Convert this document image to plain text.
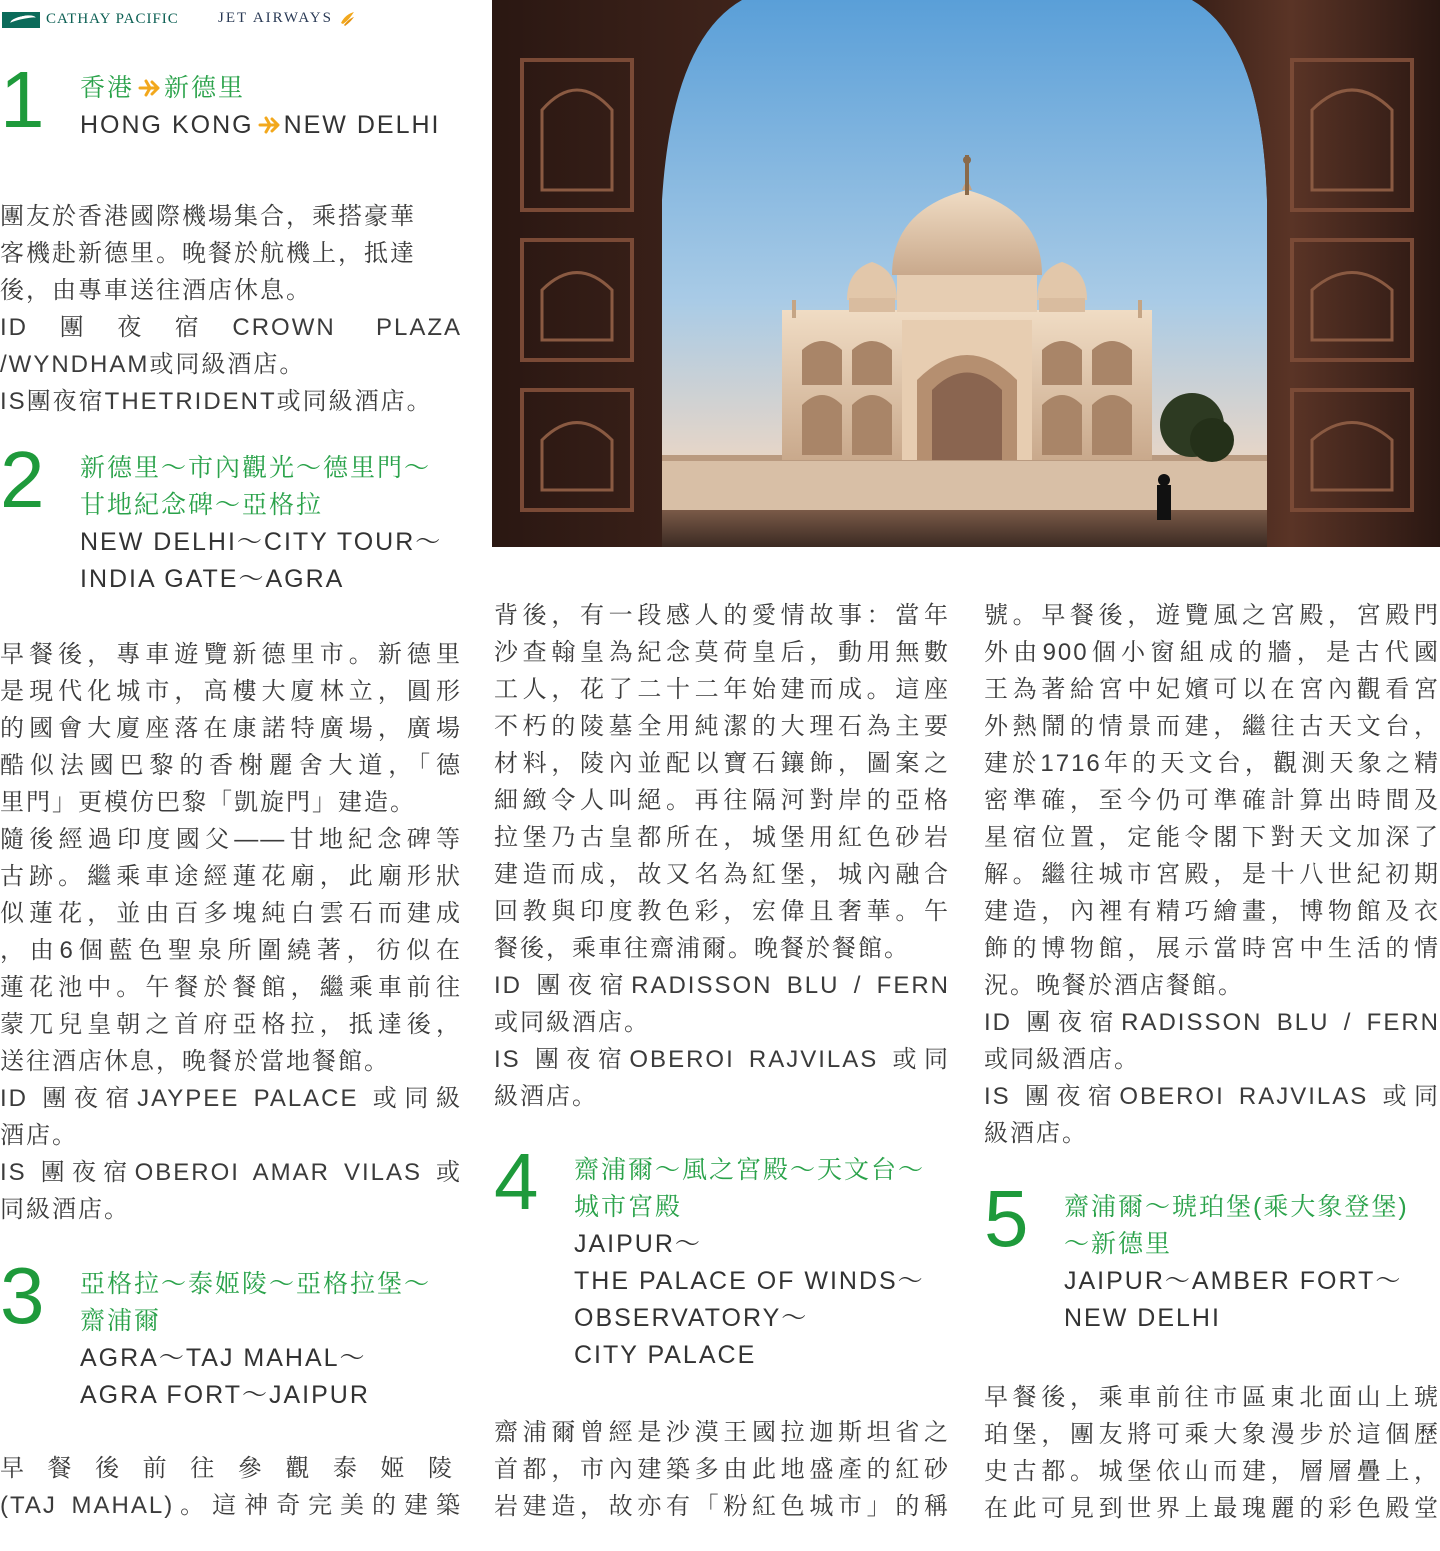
CATHAY PACIFIC	JET AIRWAYS
1 香港 新德里
HONG KONG NEW DELHI
團友於香港國際機場集合，乘搭豪華
客機赴新德里。晚餐於航機上，抵達
後，由專車送往酒店休息。
ID團夜宿CROWN PLAZA
/WYNDHAM或同級酒店。
IS團夜宿THETRIDENT或同級酒店。
2 新德里～市內觀光～德里門～
甘地紀念碑～亞格拉
NEW DELHI～CITY TOUR～
INDIA GATE～AGRA
早餐後，專車遊覽新德里市。新德里
是現代化城市，高樓大廈林立，圓形
的國會大廈座落在康諾特廣場，廣場
酷似法國巴黎的香榭麗舍大道，「德
里門」更模仿巴黎「凱旋門」建造。
隨後經過印度國父——甘地紀念碑等
古跡。繼乘車途經蓮花廟，此廟形狀
似蓮花，並由百多塊純白雲石而建成
，由6個藍色聖泉所圍繞著，彷似在
蓮花池中。午餐於餐館，繼乘車前往
蒙兀兒皇朝之首府亞格拉，抵達後，
送往酒店休息，晚餐於當地餐館。
ID 團夜宿JAYPEE PALACE 或同級
酒店。
IS 團夜宿OBEROI AMAR VILAS 或
同級酒店。
3 亞格拉～泰姬陵～亞格拉堡～
齋浦爾
AGRA～TAJ MAHAL～
AGRA FORT～JAIPUR
早餐後前往參觀泰姬陵
(TAJ MAHAL)。這神奇完美的建築
背後，有一段感人的愛情故事：當年
沙查翰皇為紀念莫荷皇后，動用無數
工人，花了二十二年始建而成。這座
不朽的陵墓全用純潔的大理石為主要
材料，陵內並配以寶石鑲飾，圖案之
細緻令人叫絕。再往隔河對岸的亞格
拉堡乃古皇都所在，城堡用紅色砂岩
建造而成，故又名為紅堡，城內融合
回教與印度教色彩，宏偉且奢華。午
餐後，乘車往齋浦爾。晚餐於餐館。
ID 團夜宿RADISSON BLU / FERN
或同級酒店。
IS 團夜宿OBEROI RAJVILAS 或同
級酒店。
4 齋浦爾～風之宮殿～天文台～
城市宮殿
JAIPUR～
THE PALACE OF WINDS～
OBSERVATORY～
CITY PALACE
齋浦爾曾經是沙漠王國拉迦斯坦省之
首都，市內建築多由此地盛產的紅砂
岩建造，故亦有「粉紅色城市」的稱
號。早餐後，遊覽風之宮殿，宮殿門
外由900個小窗組成的牆，是古代國
王為著給宮中妃嬪可以在宮內觀看宮
外熱鬧的情景而建，繼往古天文台，
建於1716年的天文台，觀測天象之精
密準確，至今仍可準確計算出時間及
星宿位置，定能令閣下對天文加深了
解。繼往城市宮殿，是十八世紀初期
建造，內裡有精巧繪畫，博物館及衣
飾的博物館，展示當時宮中生活的情
況。晚餐於酒店餐館。
ID 團夜宿RADISSON BLU / FERN
或同級酒店。
IS 團夜宿OBEROI RAJVILAS 或同
級酒店。
5 齋浦爾～琥珀堡(乘大象登堡)
～新德里
JAIPUR～AMBER FORT～
NEW DELHI
早餐後，乘車前往市區東北面山上琥
珀堡，團友將可乘大象漫步於這個歷
史古都。城堡依山而建，層層疊上，
在此可見到世界上最瑰麗的彩色殿堂
